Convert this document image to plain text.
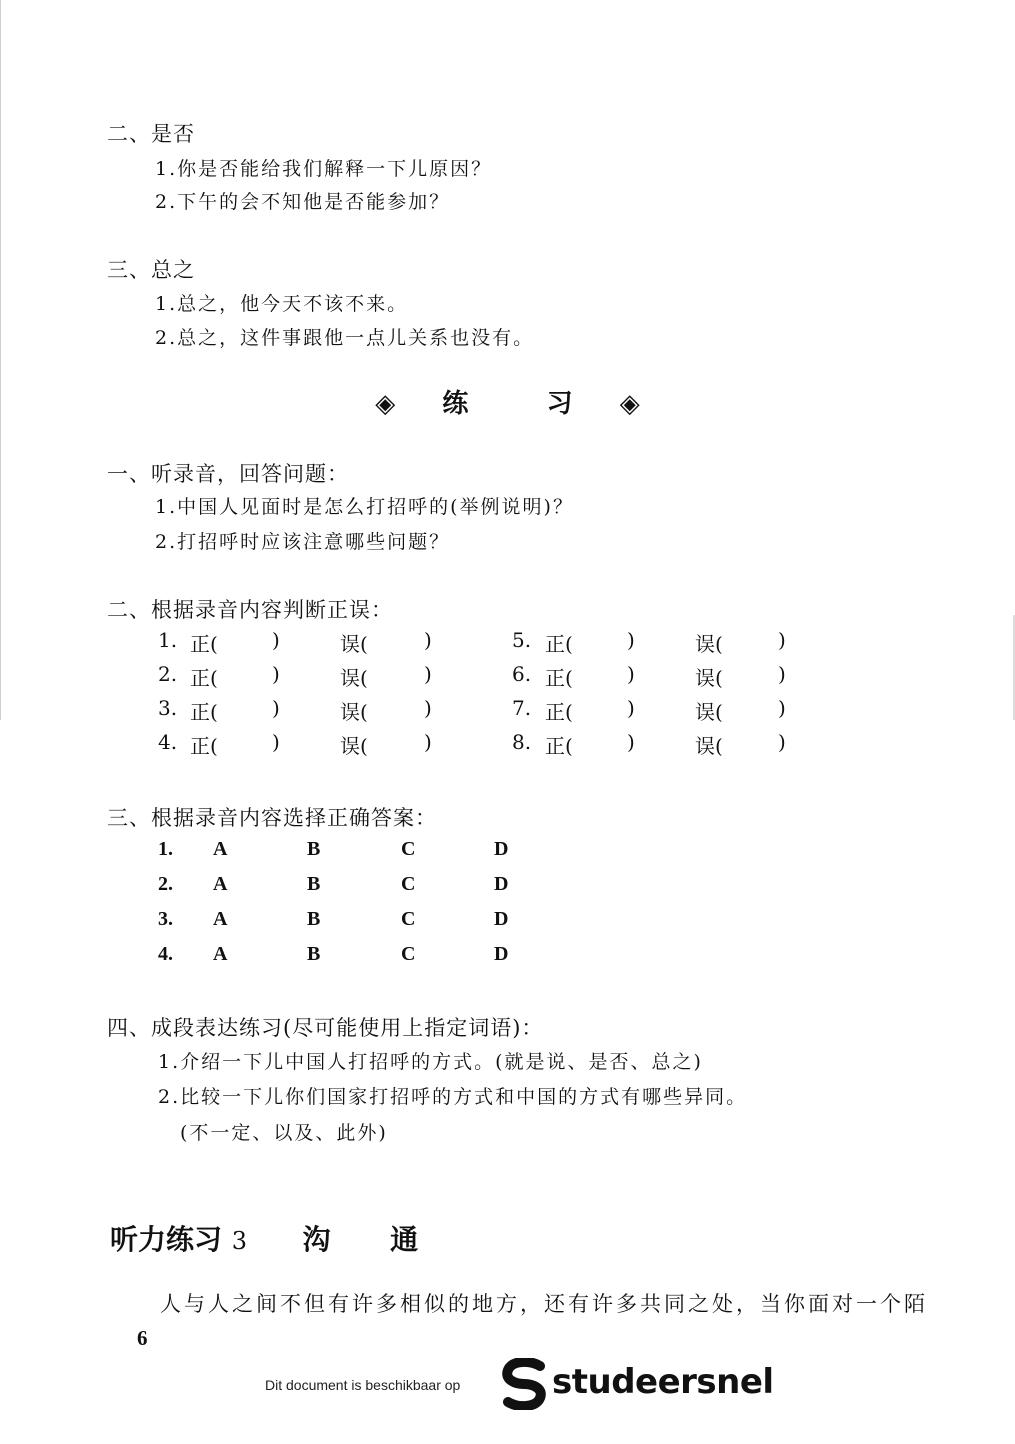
二、是否
1.你是否能给我们解释一下儿原因？
2.下午的会不知他是否能参加？
三、总之
1.总之，他今天不该不来。
2.总之，这件事跟他一点儿关系也没有。
◈ 练	习 ◈
一、听录音，回答问题：
1.中国人见面时是怎么打招呼的(举例说明)？
2.打招呼时应该注意哪些问题？
二、根据录音内容判断正误：
1. 正(	)	误(	)	5. 正(	)	误(	)
2. 正(	)	误(	)	6. 正(	)	误(	)
3. 正(	)	误(	)	7. 正(	)	误(	)
4. 正(	)	误(	)	8. 正(	)	误(	)
三、根据录音内容选择正确答案：
1. A	B	C	D
2. A	B	C	D
3. A	B	C	D
4. A	B	C	D
四、成段表达练习(尽可能使用上指定词语)：
1.介绍一下儿中国人打招呼的方式。(就是说、是否、总之)
2.比较一下儿你们国家打招呼的方式和中国的方式有哪些异同。
(不一定、以及、此外)
听力练习 3 沟 通
人与人之间不但有许多相似的地方，还有许多共同之处，当你面对一个陌
6
Dit document is beschikbaar op	studeersnel
